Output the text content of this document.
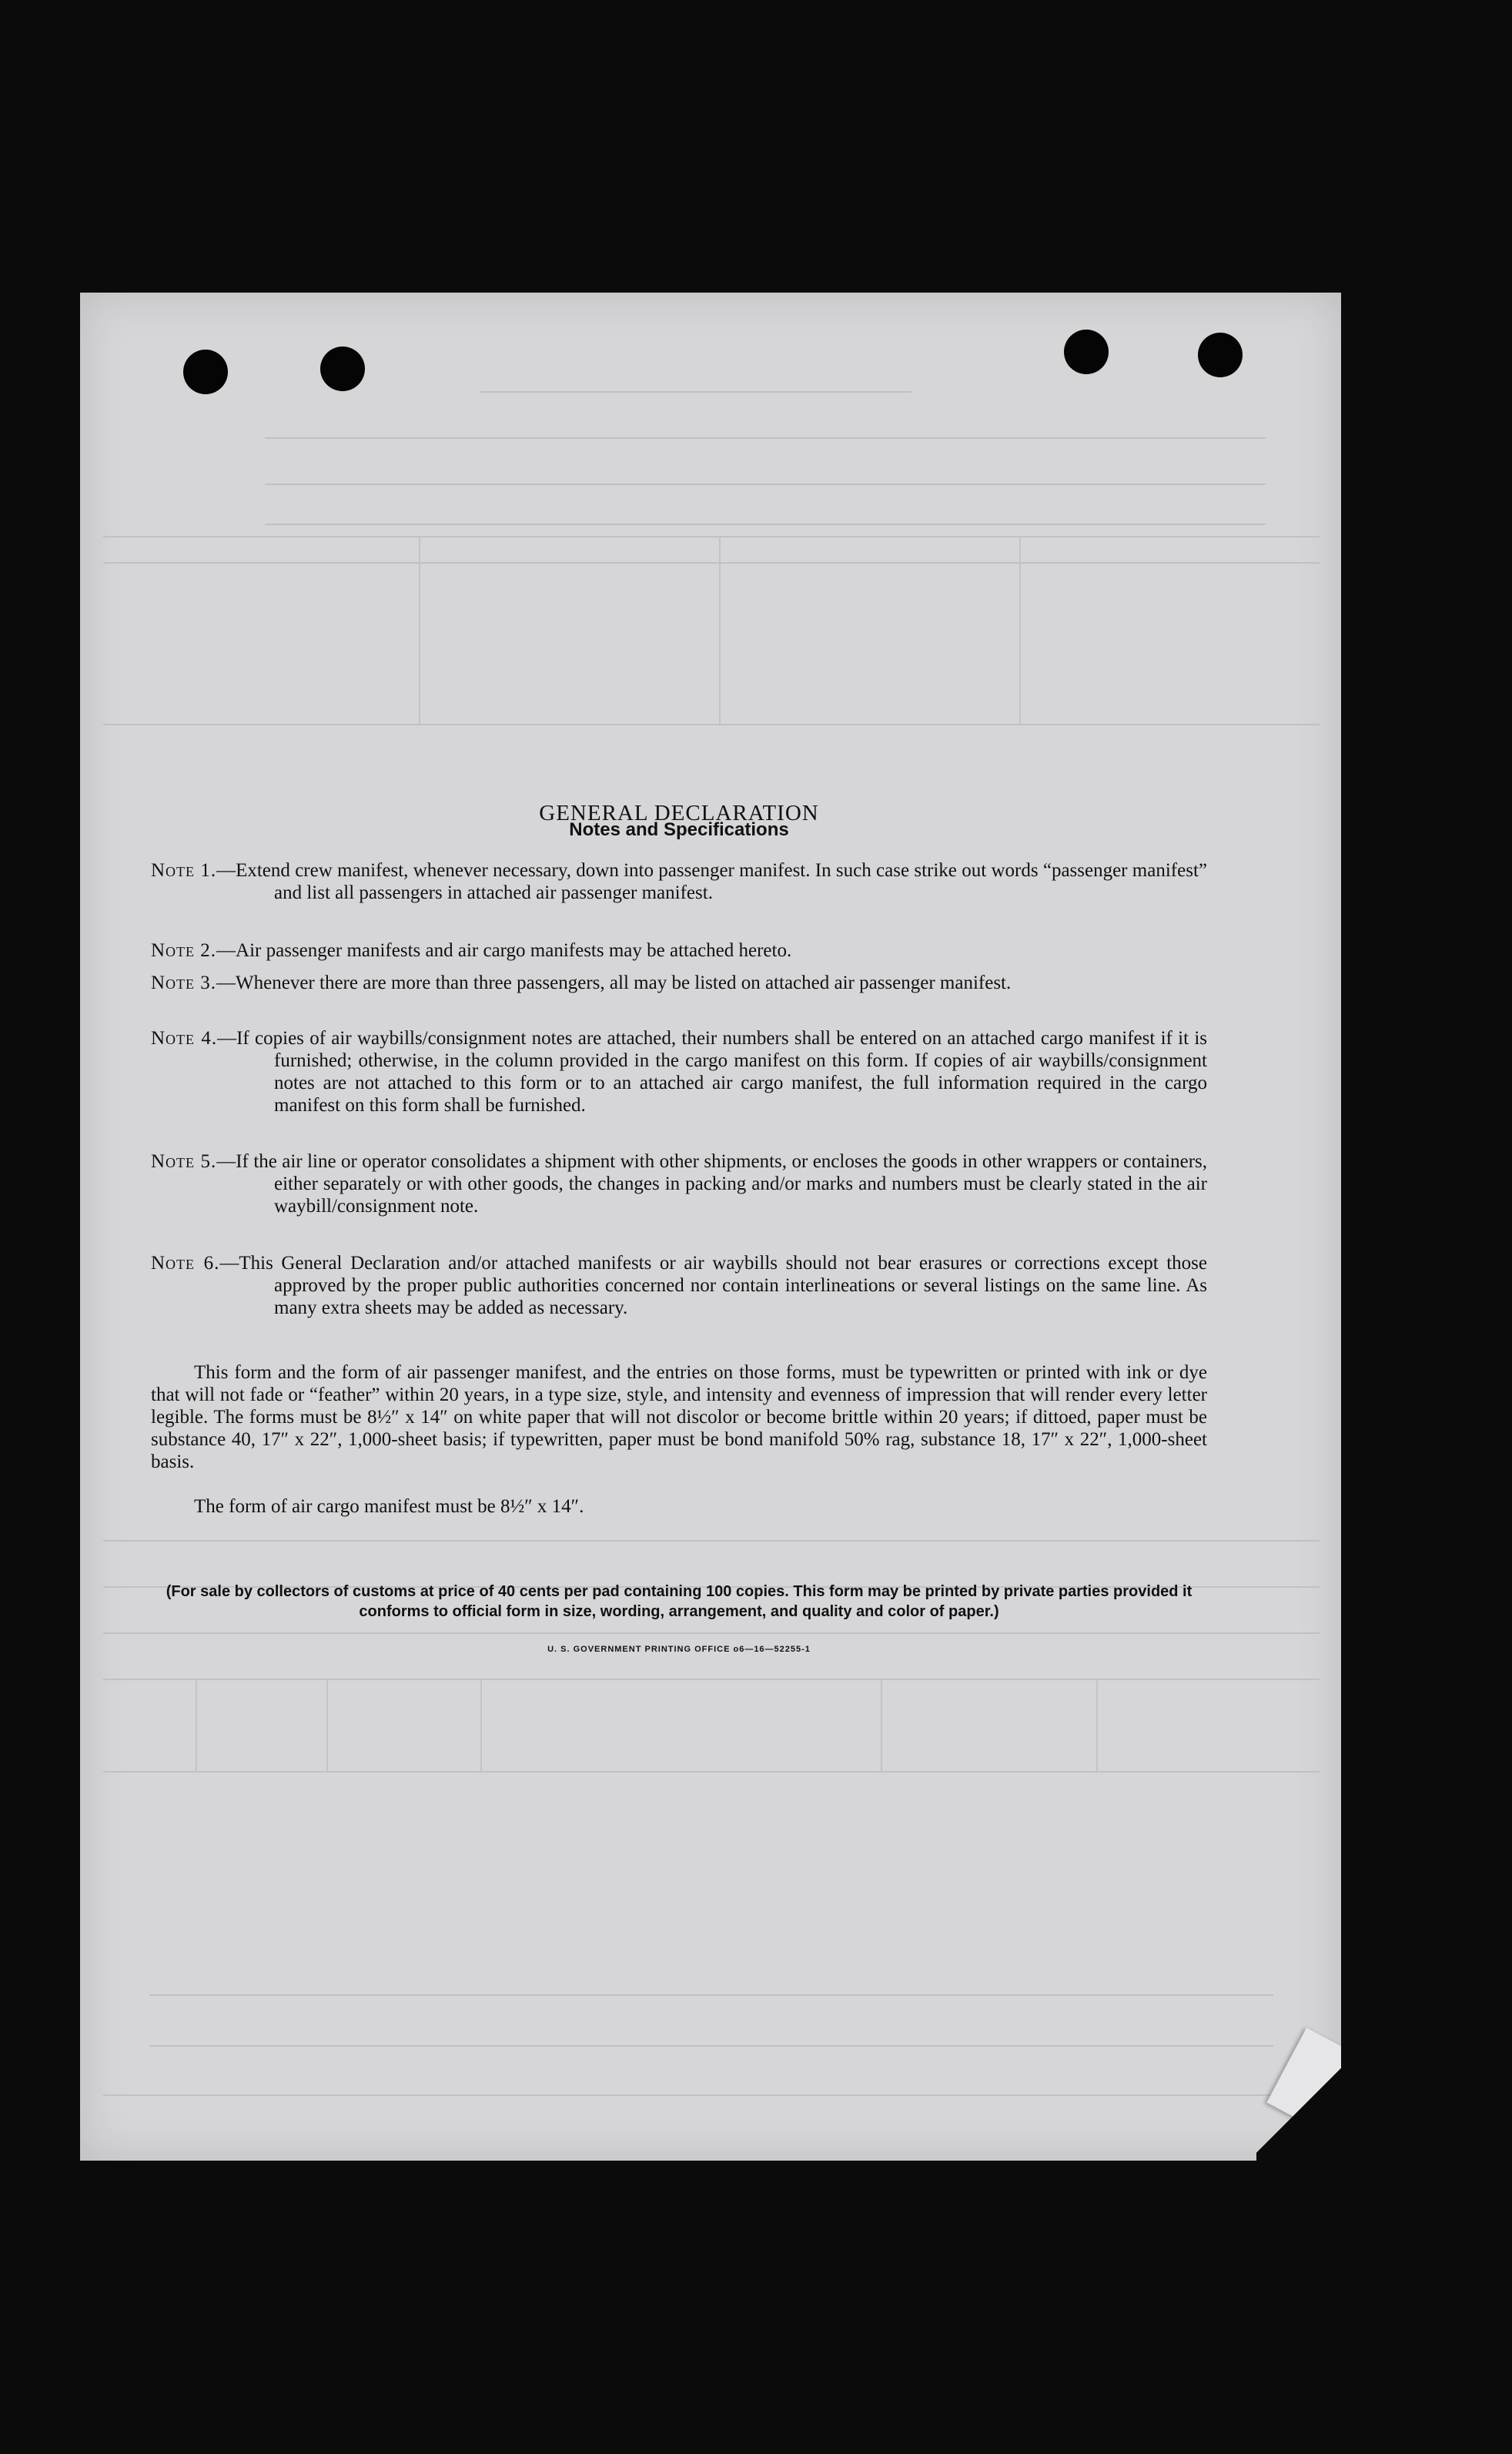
GENERAL DECLARATION
Notes and Specifications
Note 1.—Extend crew manifest, whenever necessary, down into passenger manifest. In such case strike out words “passenger manifest” and list all passengers in attached air passenger manifest.
Note 2.—Air passenger manifests and air cargo manifests may be attached hereto.
Note 3.—Whenever there are more than three passengers, all may be listed on attached air passenger manifest.
Note 4.—If copies of air waybills/consignment notes are attached, their numbers shall be entered on an attached cargo manifest if it is furnished; otherwise, in the column provided in the cargo manifest on this form. If copies of air waybills/consignment notes are not attached to this form or to an attached air cargo manifest, the full information required in the cargo manifest on this form shall be furnished.
Note 5.—If the air line or operator consolidates a shipment with other shipments, or encloses the goods in other wrappers or containers, either separately or with other goods, the changes in packing and/or marks and numbers must be clearly stated in the air waybill/consignment note.
Note 6.—This General Declaration and/or attached manifests or air waybills should not bear erasures or corrections except those approved by the proper public authorities concerned nor contain interlineations or several listings on the same line. As many extra sheets may be added as necessary.
This form and the form of air passenger manifest, and the entries on those forms, must be typewritten or printed with ink or dye that will not fade or “feather” within 20 years, in a type size, style, and intensity and evenness of impression that will render every letter legible. The forms must be 8½″ x 14″ on white paper that will not discolor or become brittle within 20 years; if dittoed, paper must be substance 40, 17″ x 22″, 1,000-sheet basis; if typewritten, paper must be bond manifold 50% rag, substance 18, 17″ x 22″, 1,000-sheet basis.
The form of air cargo manifest must be 8½″ x 14″.
(For sale by collectors of customs at price of 40 cents per pad containing 100 copies. This form may be printed by private parties provided it conforms to official form in size, wording, arrangement, and quality and color of paper.)
U. S. GOVERNMENT PRINTING OFFICE o6—16—52255-1
